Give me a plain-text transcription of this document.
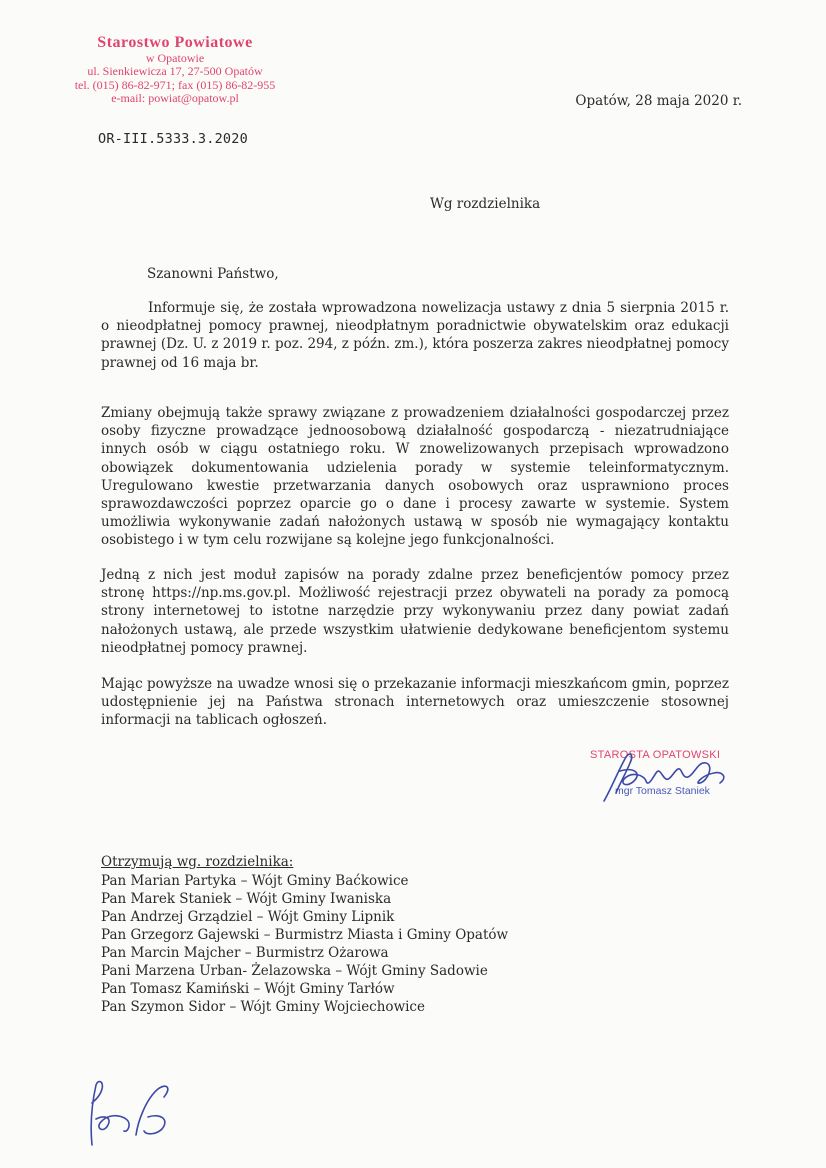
Starostwo Powiatowe
w Opatowie
ul. Sienkiewicza 17, 27-500 Opatów
tel. (015) 86-82-971; fax (015) 86-82-955
e-mail: powiat@opatow.pl	Opatów, 28 maja 2020 r.
OR-III.5333.3.2020
Wg rozdzielnika
Szanowni Państwo,

Informuje się, że została wprowadzona nowelizacja ustawy z dnia 5 sierpnia 2015 r. o nieodpłatnej pomocy prawnej, nieodpłatnym poradnictwie obywatelskim oraz edukacji prawnej (Dz. U. z 2019 r. poz. 294, z późn. zm.), która poszerza zakres nieodpłatnej pomocy prawnej od 16 maja br.

Zmiany obejmują także sprawy związane z prowadzeniem działalności gospodarczej przez osoby fizyczne prowadzące jednoosobową działalność gospodarczą - niezatrudniające innych osób w ciągu ostatniego roku. W znowelizowanych przepisach wprowadzono obowiązek dokumentowania udzielenia porady w systemie teleinformatycznym. Uregulowano kwestie przetwarzania danych osobowych oraz usprawniono proces sprawozdawczości poprzez oparcie go o dane i procesy zawarte w systemie. System umożliwia wykonywanie zadań nałożonych ustawą w sposób nie wymagający kontaktu osobistego i w tym celu rozwijane są kolejne jego funkcjonalności.

Jedną z nich jest moduł zapisów na porady zdalne przez beneficjentów pomocy przez stronę https://np.ms.gov.pl. Możliwość rejestracji przez obywateli na porady za pomocą strony internetowej to istotne narzędzie przy wykonywaniu przez dany powiat zadań nałożonych ustawą, ale przede wszystkim ułatwienie dedykowane beneficjentom systemu nieodpłatnej pomocy prawnej.

Mając powyższe na uwadze wnosi się o przekazanie informacji mieszkańcom gmin, poprzez udostępnienie jej na Państwa stronach internetowych oraz umieszczenie stosownej informacji na tablicach ogłoszeń.

STAROSTA OPATOWSKI
mgr Tomasz Staniek
Otrzymują wg. rozdzielnika:
Pan Marian Partyka – Wójt Gminy Baćkowice
Pan Marek Staniek – Wójt Gminy Iwaniska
Pan Andrzej Grządziel – Wójt Gminy Lipnik
Pan Grzegorz Gajewski – Burmistrz Miasta i Gminy Opatów
Pan Marcin Majcher – Burmistrz Ożarowa
Pani Marzena Urban- Żelazowska – Wójt Gminy Sadowie
Pan Tomasz Kamiński – Wójt Gminy Tarłów
Pan Szymon Sidor – Wójt Gminy Wojciechowice
